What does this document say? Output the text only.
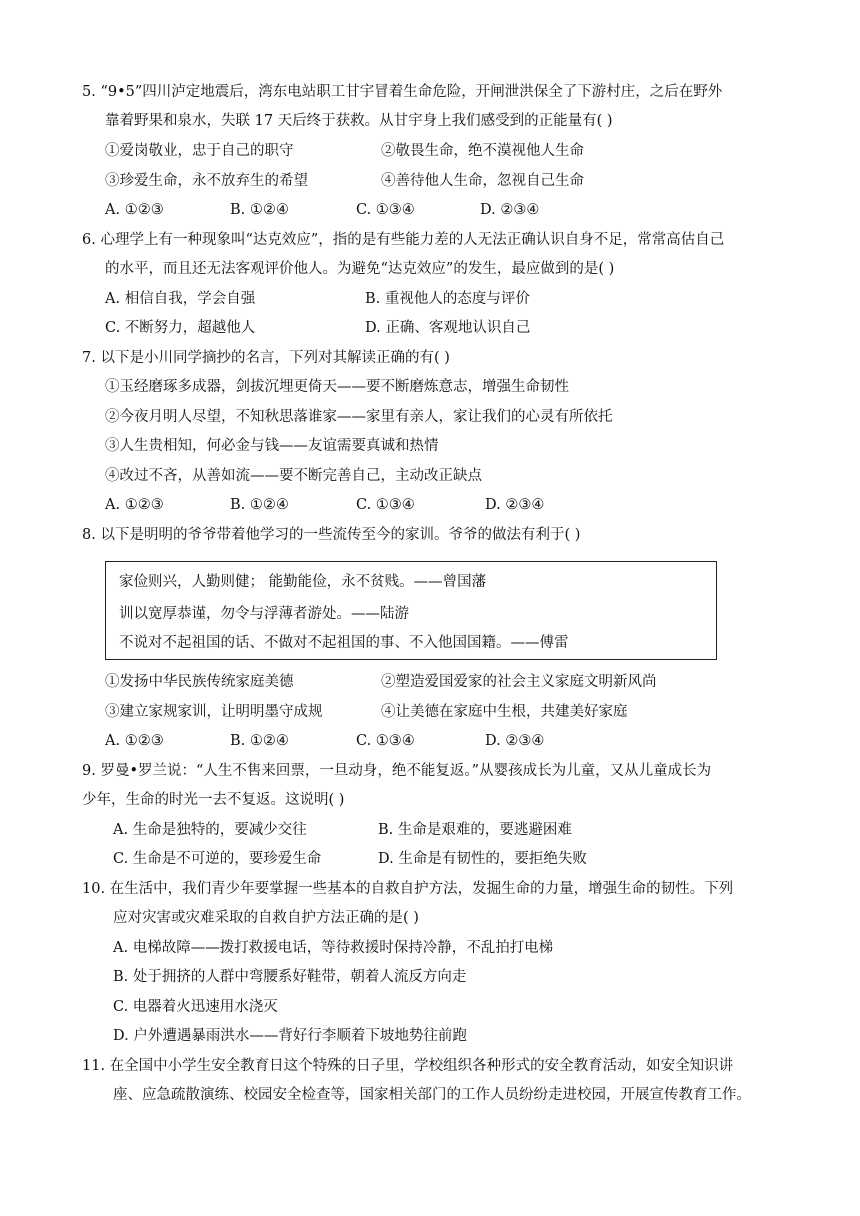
5. “9•5”四川泸定地震后，湾东电站职工甘宇冒着生命危险，开闸泄洪保全了下游村庄，之后在野外
靠着野果和泉水，失联 17 天后终于获救。从甘宇身上我们感受到的正能量有( )
①爱岗敬业，忠于自己的职守	②敬畏生命，绝不漠视他人生命
③珍爱生命，永不放弃生的希望	④善待他人生命，忽视自己生命
A. ①②③	B. ①②④	C. ①③④	D. ②③④
6. 心理学上有一种现象叫“达克效应”，指的是有些能力差的人无法正确认识自身不足，常常高估自己
的水平，而且还无法客观评价他人。为避免“达克效应”的发生，最应做到的是( )
A. 相信自我，学会自强	B. 重视他人的态度与评价
C. 不断努力，超越他人	D. 正确、客观地认识自己
7. 以下是小川同学摘抄的名言，下列对其解读正确的有( )
①玉经磨琢多成器，剑拔沉埋更倚天——要不断磨炼意志，增强生命韧性
②今夜月明人尽望，不知秋思落谁家——家里有亲人，家让我们的心灵有所依托
③人生贵相知，何必金与钱——友谊需要真诚和热情
④改过不吝，从善如流——要不断完善自己，主动改正缺点
A. ①②③	B. ①②④	C. ①③④	D. ②③④
8. 以下是明明的爷爷带着他学习的一些流传至今的家训。爷爷的做法有利于( )
家俭则兴，人勤则健； 能勤能俭，永不贫贱。——曾国藩
训以宽厚恭谨，勿令与浮薄者游处。——陆游
不说对不起祖国的话、不做对不起祖国的事、不入他国国籍。——傅雷
①发扬中华民族传统家庭美德	②塑造爱国爱家的社会主义家庭文明新风尚
③建立家规家训，让明明墨守成规	④让美德在家庭中生根，共建美好家庭
A. ①②③	B. ①②④	C. ①③④	D. ②③④
9. 罗曼•罗兰说：“人生不售来回票，一旦动身，绝不能复返。”从婴孩成长为儿童，又从儿童成长为
少年，生命的时光一去不复返。这说明( )
A. 生命是独特的，要减少交往	B. 生命是艰难的，要逃避困难
C. 生命是不可逆的，要珍爱生命	D. 生命是有韧性的，要拒绝失败
10. 在生活中，我们青少年要掌握一些基本的自救自护方法，发掘生命的力量，增强生命的韧性。下列
应对灾害或灾难采取的自救自护方法正确的是( )
A. 电梯故障——拨打救援电话，等待救援时保持冷静，不乱拍打电梯
B. 处于拥挤的人群中弯腰系好鞋带，朝着人流反方向走
C. 电器着火迅速用水浇灭
D. 户外遭遇暴雨洪水——背好行李顺着下坡地势往前跑
11. 在全国中小学生安全教育日这个特殊的日子里，学校组织各种形式的安全教育活动，如安全知识讲
座、应急疏散演练、校园安全检查等，国家相关部门的工作人员纷纷走进校园，开展宣传教育工作。
